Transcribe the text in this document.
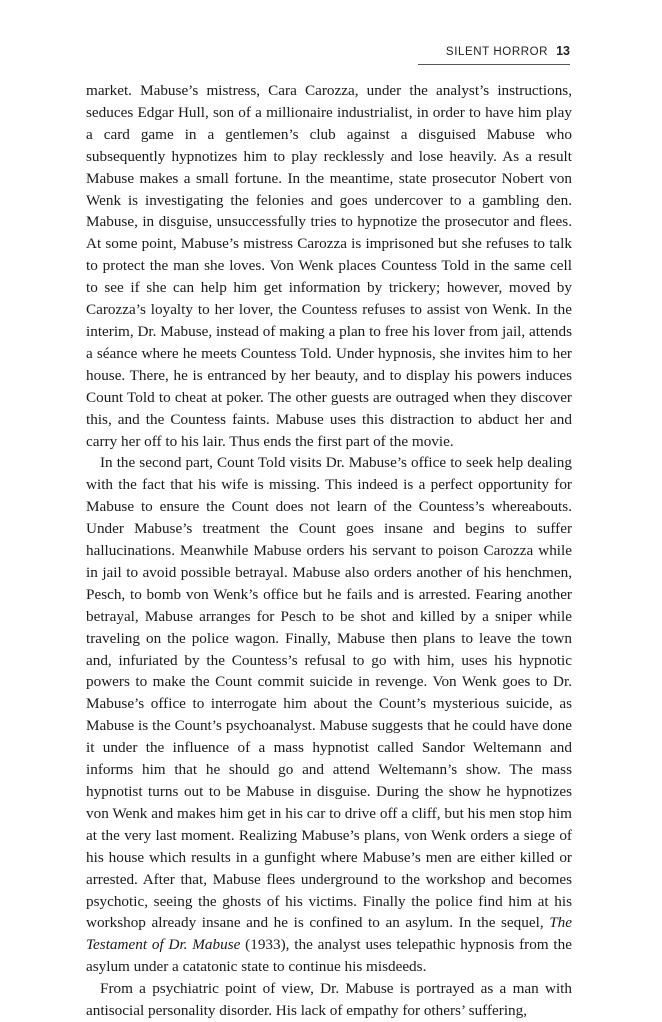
SILENT HORROR 13

market. Mabuse’s mistress, Cara Carozza, under the analyst’s instructions, seduces Edgar Hull, son of a millionaire industrialist, in order to have him play a card game in a gentlemen’s club against a disguised Mabuse who subsequently hypnotizes him to play recklessly and lose heavily. As a result Mabuse makes a small fortune. In the meantime, state prosecutor Nobert von Wenk is investigating the felonies and goes undercover to a gambling den. Mabuse, in disguise, unsuccessfully tries to hypnotize the prosecutor and flees. At some point, Mabuse’s mistress Carozza is imprisoned but she refuses to talk to protect the man she loves. Von Wenk places Countess Told in the same cell to see if she can help him get information by trickery; however, moved by Carozza’s loyalty to her lover, the Countess refuses to assist von Wenk. In the interim, Dr. Mabuse, instead of making a plan to free his lover from jail, attends a séance where he meets Countess Told. Under hypnosis, she invites him to her house. There, he is entranced by her beauty, and to display his powers induces Count Told to cheat at poker. The other guests are outraged when they discover this, and the Countess faints. Mabuse uses this distraction to abduct her and carry her off to his lair. Thus ends the first part of the movie.

In the second part, Count Told visits Dr. Mabuse’s office to seek help dealing with the fact that his wife is missing. This indeed is a perfect opportunity for Mabuse to ensure the Count does not learn of the Countess’s whereabouts. Under Mabuse’s treatment the Count goes insane and begins to suffer hallucinations. Meanwhile Mabuse orders his servant to poison Carozza while in jail to avoid possible betrayal. Mabuse also orders another of his henchmen, Pesch, to bomb von Wenk’s office but he fails and is arrested. Fearing another betrayal, Mabuse arranges for Pesch to be shot and killed by a sniper while traveling on the police wagon. Finally, Mabuse then plans to leave the town and, infuriated by the Countess’s refusal to go with him, uses his hypnotic powers to make the Count commit suicide in revenge. Von Wenk goes to Dr. Mabuse’s office to interrogate him about the Count’s mysterious suicide, as Mabuse is the Count’s psychoanalyst. Mabuse suggests that he could have done it under the influence of a mass hypnotist called Sandor Weltemann and informs him that he should go and attend Weltemann’s show. The mass hypnotist turns out to be Mabuse in disguise. During the show he hypnotizes von Wenk and makes him get in his car to drive off a cliff, but his men stop him at the very last moment. Realizing Mabuse’s plans, von Wenk orders a siege of his house which results in a gunfight where Mabuse’s men are either killed or arrested. After that, Mabuse flees underground to the workshop and becomes psychotic, seeing the ghosts of his victims. Finally the police find him at his workshop already insane and he is confined to an asylum. In the sequel, The Testament of Dr. Mabuse (1933), the analyst uses telepathic hypnosis from the asylum under a catatonic state to continue his misdeeds.

From a psychiatric point of view, Dr. Mabuse is portrayed as a man with antisocial personality disorder. His lack of empathy for others’ suffering,
